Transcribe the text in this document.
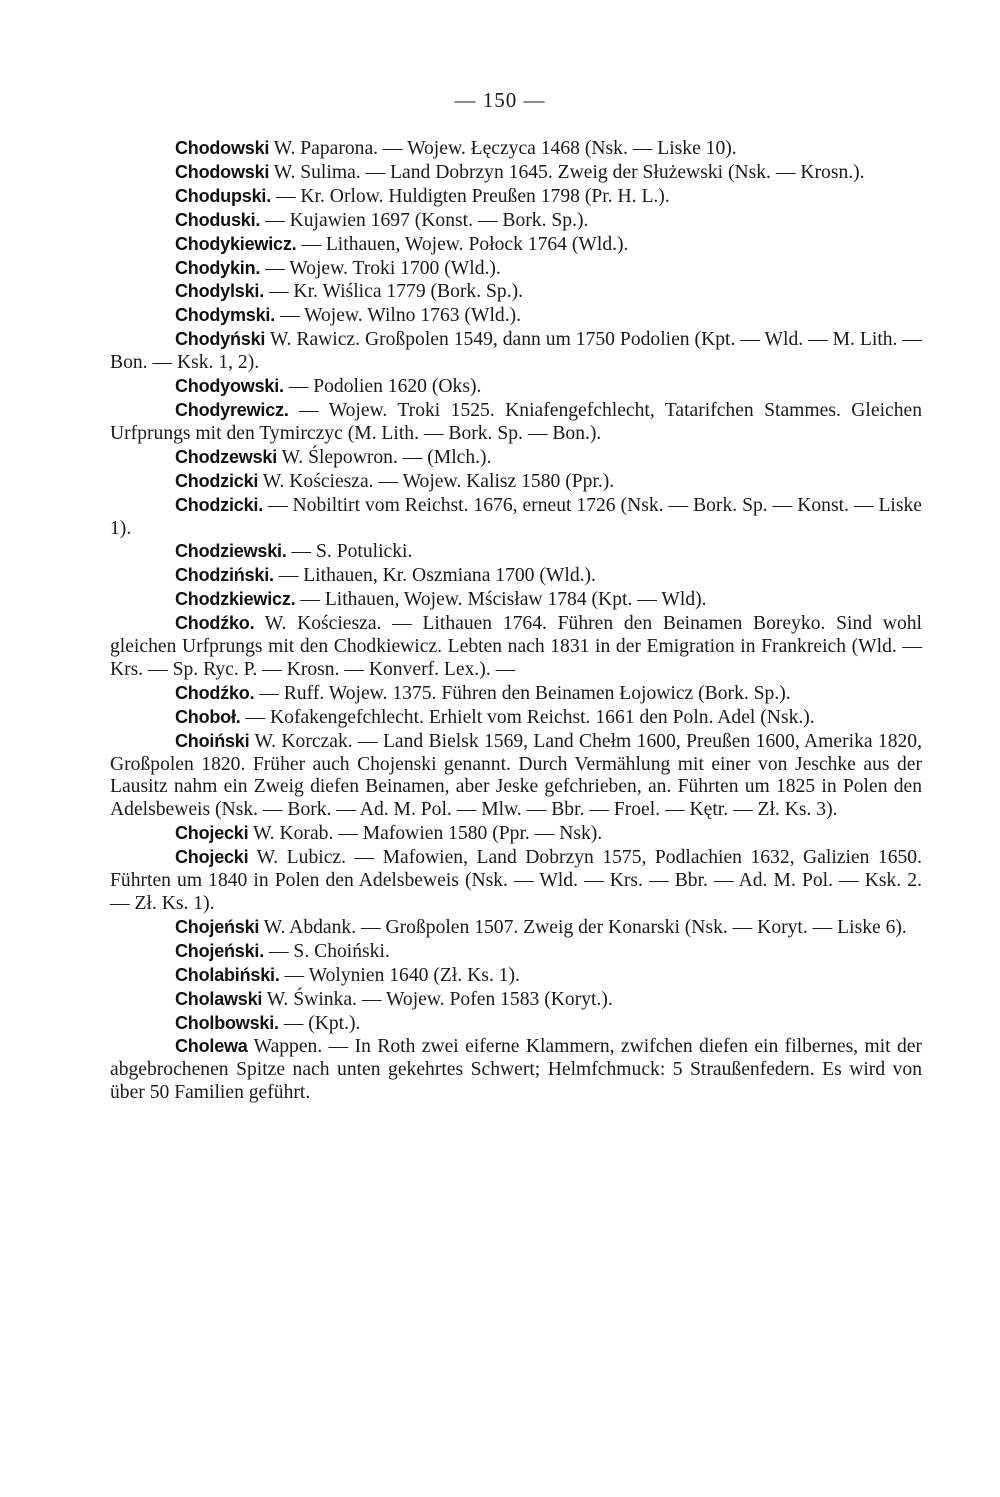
— 150 —

Chodowski W. Paparona. — Wojew. Łęczyca 1468 (Nsk. — Liske 10).

Chodowski W. Sulima. — Land Dobrzyn 1645. Zweig der Służewski (Nsk. — Krosn.).

Chodupski. — Kr. Orlow. Huldigten Preußen 1798 (Pr. H. L.).

Choduski. — Kujawien 1697 (Konst. — Bork. Sp.).

Chodykiewicz. — Lithauen, Wojew. Połock 1764 (Wld.).

Chodykin. — Wojew. Troki 1700 (Wld.).

Chodylski. — Kr. Wiślica 1779 (Bork. Sp.).

Chodymski. — Wojew. Wilno 1763 (Wld.).

Chodyński W. Rawicz. Großpolen 1549, dann um 1750 Podolien (Kpt. — Wld. — M. Lith. — Bon. — Ksk. 1, 2).

Chodyowski. — Podolien 1620 (Oks).

Chodyrewicz. — Wojew. Troki 1525. Kniafengefchlecht, Tatarifchen Stammes. Gleichen Urfprungs mit den Tymirczyc (M. Lith. — Bork. Sp. — Bon.).

Chodzewski W. Ślepowron. — (Mlch.).

Chodzicki W. Kościesza. — Wojew. Kalisz 1580 (Ppr.).

Chodzicki. — Nobiltirt vom Reichst. 1676, erneut 1726 (Nsk. — Bork. Sp. — Konst. — Liske 1).

Chodziewski. — S. Potulicki.

Chodziński. — Lithauen, Kr. Oszmiana 1700 (Wld.).

Chodzkiewicz. — Lithauen, Wojew. Mścisław 1784 (Kpt. — Wld).

Chodźko. W. Kościesza. — Lithauen 1764. Führen den Beinamen Boreyko. Sind wohl gleichen Urfprungs mit den Chodkiewicz. Lebten nach 1831 in der Emigration in Frankreich (Wld. — Krs. — Sp. Ryc. P. — Krosn. — Konverf. Lex.). —

Chodźko. — Ruff. Wojew. 1375. Führen den Beinamen Łojowicz (Bork. Sp.).

Choboł. — Kofakengefchlecht. Erhielt vom Reichst. 1661 den Poln. Adel (Nsk.).

Choiński W. Korczak. — Land Bielsk 1569, Land Chełm 1600, Preußen 1600, Amerika 1820, Großpolen 1820. Früher auch Chojenski genannt. Durch Vermählung mit einer von Jeschke aus der Lausitz nahm ein Zweig diefen Beinamen, aber Jeske gefchrieben, an. Führten um 1825 in Polen den Adelsbeweis (Nsk. — Bork. — Ad. M. Pol. — Mlw. — Bbr. — Froel. — Kętr. — Zł. Ks. 3).

Chojecki W. Korab. — Mafowien 1580 (Ppr. — Nsk).

Chojecki W. Lubicz. — Mafowien, Land Dobrzyn 1575, Podlachien 1632, Galizien 1650. Führten um 1840 in Polen den Adelsbeweis (Nsk. — Wld. — Krs. — Bbr. — Ad. M. Pol. — Ksk. 2. — Zł. Ks. 1).

Chojeński W. Abdank. — Großpolen 1507. Zweig der Konarski (Nsk. — Koryt. — Liske 6).

Chojeński. — S. Choiński.

Cholabiński. — Wolynien 1640 (Zł. Ks. 1).

Cholawski W. Świnka. — Wojew. Pofen 1583 (Koryt.).

Cholbowski. — (Kpt.).

Cholewa Wappen. — In Roth zwei eiferne Klammern, zwifchen diefen ein filbernes, mit der abgebrochenen Spitze nach unten gekehrtes Schwert; Helmfchmuck: 5 Straußenfedern. Es wird von über 50 Familien geführt.
